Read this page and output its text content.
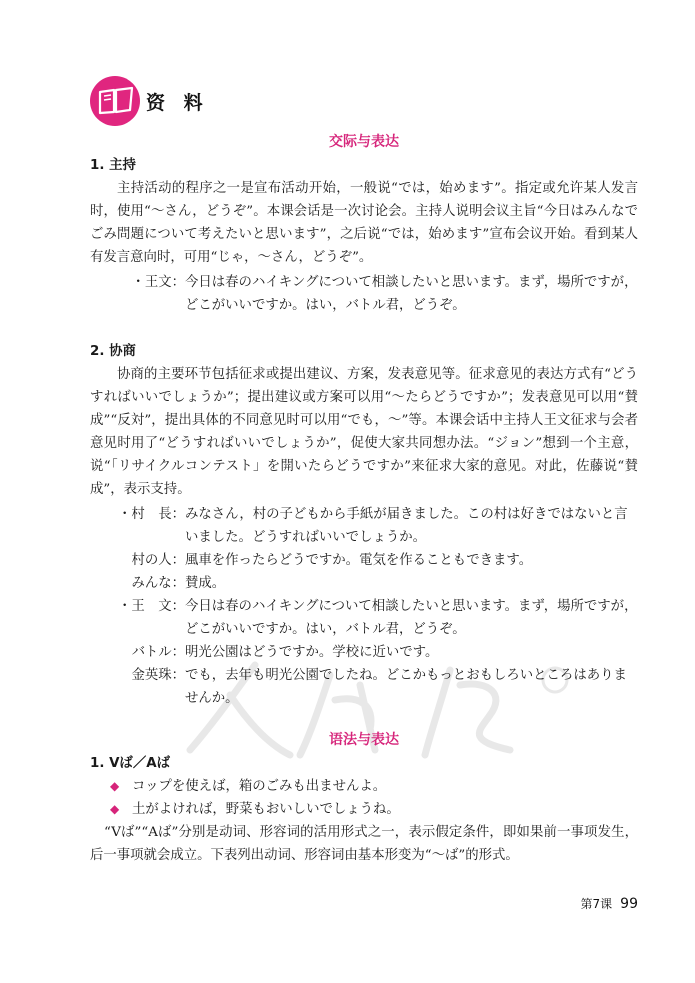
资 料
交际与表达
1. 主持

主持活动的程序之一是宣布活动开始，一般说“では，始めます”。指定或允许某人发言时，使用“～さん，どうぞ”。本课会话是一次讨论会。主持人说明会议主旨“今日はみんなでごみ問題について考えたいと思います”，之后说“では，始めます”宣布会议开始。看到某人有发言意向时，可用“じゃ，～さん，どうぞ”。

・王文： 今日は春のハイキングについて相談したいと思います。まず，場所ですが，どこがいいですか。はい，バトル君，どうぞ。
2. 协商

协商的主要环节包括征求或提出建议、方案，发表意见等。征求意见的表达方式有“どうすればいいでしょうか”；提出建议或方案可以用“～たらどうですか”；发表意见可以用“賛成”“反対”，提出具体的不同意见时可以用“でも，～”等。本课会话中主持人王文征求与会者意见时用了“どうすればいいでしょうか”，促使大家共同想办法。“ジョン”想到一个主意，说“「リサイクルコンテスト」を開いたらどうですか”来征求大家的意见。对此，佐藤说“賛成”，表示支持。

・村　長： みなさん，村の子どもから手紙が届きました。この村は好きではないと言いました。どうすればいいでしょうか。
村の人： 風車を作ったらどうですか。電気を作ることもできます。
みんな： 賛成。
・王　文： 今日は春のハイキングについて相談したいと思います。まず，場所ですが，どこがいいですか。はい，バトル君，どうぞ。
バトル： 明光公園はどうですか。学校に近いです。
金英珠： でも，去年も明光公園でしたね。どこかもっとおもしろいところはありませんか。
语法与表达
1. Vば／Aば

◆ コップを使えば，箱のごみも出ませんよ。

◆ 土がよければ，野菜もおいしいでしょうね。

“Vば”“Aば”分别是动词、形容词的活用形式之一，表示假定条件，即如果前一事项发生，后一事项就会成立。下表列出动词、形容词由基本形变为“～ば”的形式。

第7课 99
